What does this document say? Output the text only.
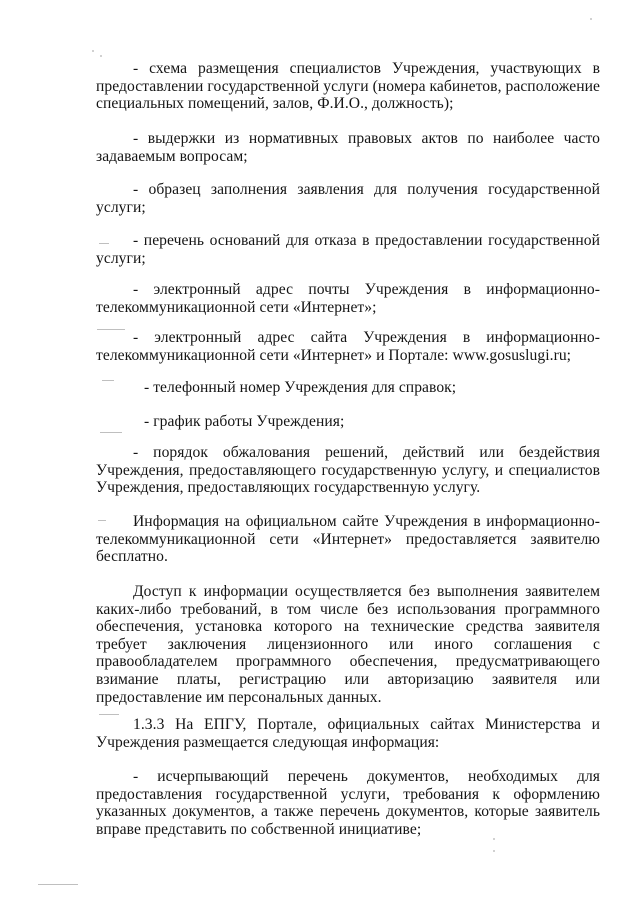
- схема размещения специалистов Учреждения, участвующих в предоставлении государственной услуги (номера кабинетов, расположение специальных помещений, залов, Ф.И.О., должность);

- выдержки из нормативных правовых актов по наиболее часто задаваемым вопросам;

- образец заполнения заявления для получения государственной услуги;

- перечень оснований для отказа в предоставлении государственной услуги;

- электронный адрес почты Учреждения в информационно-телекоммуникационной сети «Интернет»;

- электронный адрес сайта Учреждения в информационно-телекоммуникационной сети «Интернет» и Портале: www.gosuslugi.ru;

- телефонный номер Учреждения для справок;

- график работы Учреждения;

- порядок обжалования решений, действий или бездействия Учреждения, предоставляющего государственную услугу, и специалистов Учреждения, предоставляющих государственную услугу.

Информация на официальном сайте Учреждения в информационно-телекоммуникационной сети «Интернет» предоставляется заявителю бесплатно.

Доступ к информации осуществляется без выполнения заявителем каких-либо требований, в том числе без использования программного обеспечения, установка которого на технические средства заявителя требует заключения лицензионного или иного соглашения с правообладателем программного обеспечения, предусматривающего взимание платы, регистрацию или авторизацию заявителя или предоставление им персональных данных.

1.3.3 На ЕПГУ, Портале, официальных сайтах Министерства и Учреждения размещается следующая информация:

- исчерпывающий перечень документов, необходимых для предоставления государственной услуги, требования к оформлению указанных документов, а также перечень документов, которые заявитель вправе представить по собственной инициативе;
